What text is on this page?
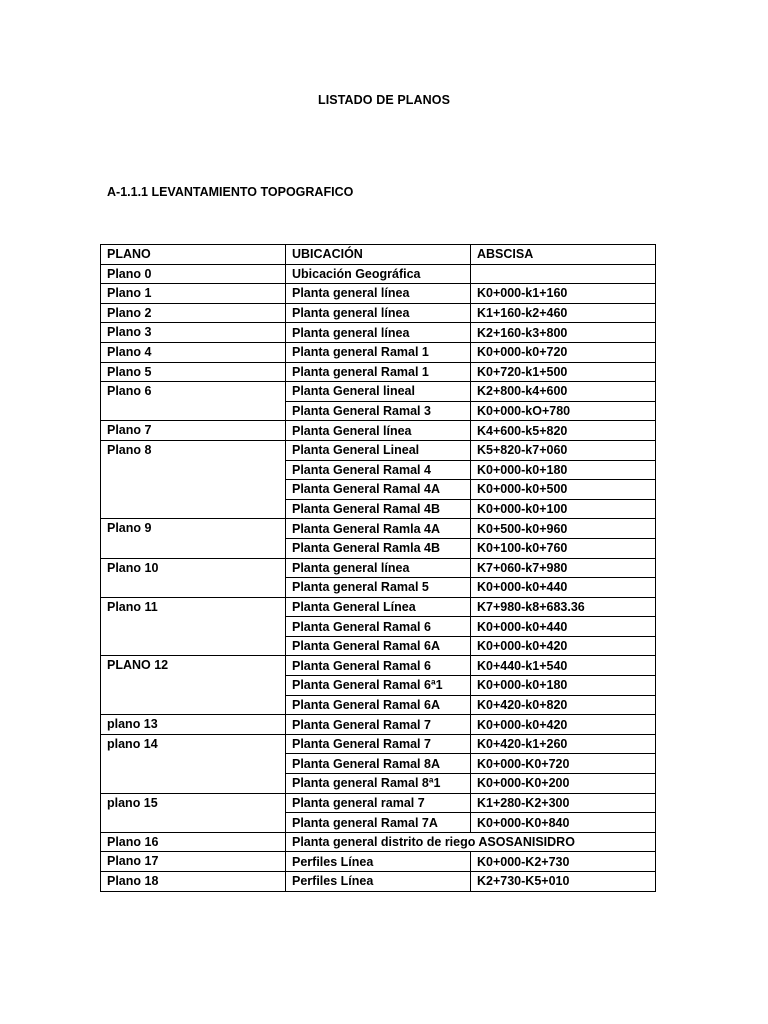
LISTADO DE PLANOS
A-1.1.1 LEVANTAMIENTO TOPOGRAFICO
PLANO	UBICACIÓN	ABSCISA
Plano 0	Ubicación Geográfica	
Plano 1	Planta general línea	K0+000-k1+160
Plano 2	Planta general línea	K1+160-k2+460
Plano 3	Planta general línea	K2+160-k3+800
Plano 4	Planta general Ramal 1	K0+000-k0+720
Plano 5	Planta general Ramal 1	K0+720-k1+500
Plano 6	Planta General lineal	K2+800-k4+600
	Planta General Ramal 3	K0+000-kO+780
Plano 7	Planta General línea	K4+600-k5+820
Plano 8	Planta General Lineal	K5+820-k7+060
	Planta General Ramal 4	K0+000-k0+180
	Planta General Ramal 4A	K0+000-k0+500
	Planta General Ramal 4B	K0+000-k0+100
Plano 9	Planta General Ramla 4A	K0+500-k0+960
	Planta General Ramla 4B	K0+100-k0+760
Plano 10	Planta general línea	K7+060-k7+980
	Planta general Ramal 5	K0+000-k0+440
Plano 11	Planta General Línea	K7+980-k8+683.36
	Planta General Ramal 6	K0+000-k0+440
	Planta General Ramal 6A	K0+000-k0+420
PLANO 12	Planta General Ramal 6	K0+440-k1+540
	Planta General Ramal 6ª1	K0+000-k0+180
	Planta General Ramal 6A	K0+420-k0+820
plano 13	Planta General Ramal 7	K0+000-k0+420
plano 14	Planta General Ramal 7	K0+420-k1+260
	Planta General Ramal 8A	K0+000-K0+720
	Planta general Ramal 8ª1	K0+000-K0+200
plano 15	Planta general ramal 7	K1+280-K2+300
	Planta general Ramal 7A	K0+000-K0+840
Plano 16	Planta general distrito de riego ASOSANISIDRO	
Plano 17	Perfiles Línea	K0+000-K2+730
Plano 18	Perfiles Línea	K2+730-K5+010
